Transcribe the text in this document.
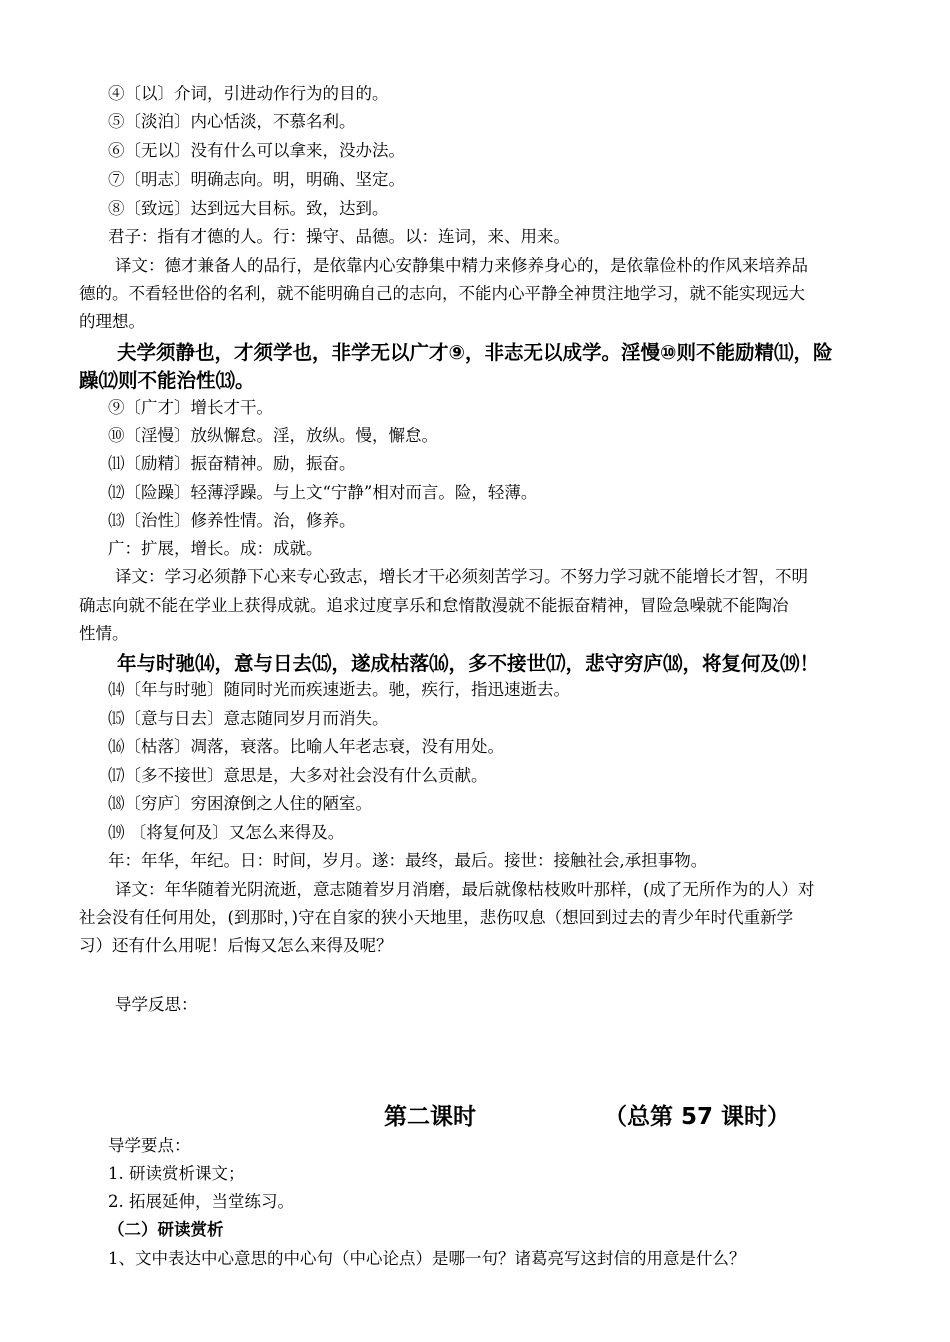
④〔以〕介词，引进动作行为的目的。
⑤〔淡泊〕内心恬淡，不慕名利。
⑥〔无以〕没有什么可以拿来，没办法。
⑦〔明志〕明确志向。明，明确、坚定。
⑧〔致远〕达到远大目标。致，达到。
君子：指有才德的人。行：操守、品德。以：连词，来、用来。
译文：德才兼备人的品行，是依靠内心安静集中精力来修养身心的，是依靠俭朴的作风来培养品
德的。不看轻世俗的名利，就不能明确自己的志向，不能内心平静全神贯注地学习，就不能实现远大
的理想。
夫学须静也，才须学也，非学无以广才⑨，非志无以成学。淫慢⑩则不能励精⑾，险
躁⑿则不能治性⒀。
⑨〔广才〕增长才干。
⑩〔淫慢〕放纵懈怠。淫，放纵。慢，懈怠。
⑾〔励精〕振奋精神。励，振奋。
⑿〔险躁〕轻薄浮躁。与上文“宁静”相对而言。险，轻薄。
⒀〔治性〕修养性情。治，修养。
广：扩展，增长。成：成就。
译文：学习必须静下心来专心致志，增长才干必须刻苦学习。不努力学习就不能增长才智，不明
确志向就不能在学业上获得成就。追求过度享乐和怠惰散漫就不能振奋精神，冒险急噪就不能陶冶
性情。
年与时驰⒁，意与日去⒂，遂成枯落⒃，多不接世⒄，悲守穷庐⒅，将复何及⒆！
⒁〔年与时驰〕随同时光而疾速逝去。驰，疾行，指迅速逝去。
⒂〔意与日去〕意志随同岁月而消失。
⒃〔枯落〕凋落，衰落。比喻人年老志衰，没有用处。
⒄〔多不接世〕意思是，大多对社会没有什么贡献。
⒅〔穷庐〕穷困潦倒之人住的陋室。
⒆ 〔将复何及〕又怎么来得及。
年：年华，年纪。日：时间，岁月。遂：最终，最后。接世：接触社会,承担事物。
译文：年华随着光阴流逝，意志随着岁月消磨，最后就像枯枝败叶那样，(成了无所作为的人）对
社会没有任何用处，(到那时，)守在自家的狭小天地里，悲伤叹息（想回到过去的青少年时代重新学
习）还有什么用呢！后悔又怎么来得及呢？
导学反思：
第二课时	（总第 57 课时）
导学要点：
1. 研读赏析课文；
2. 拓展延伸，当堂练习。
（二）研读赏析
1、文中表达中心意思的中心句（中心论点）是哪一句？诸葛亮写这封信的用意是什么？
